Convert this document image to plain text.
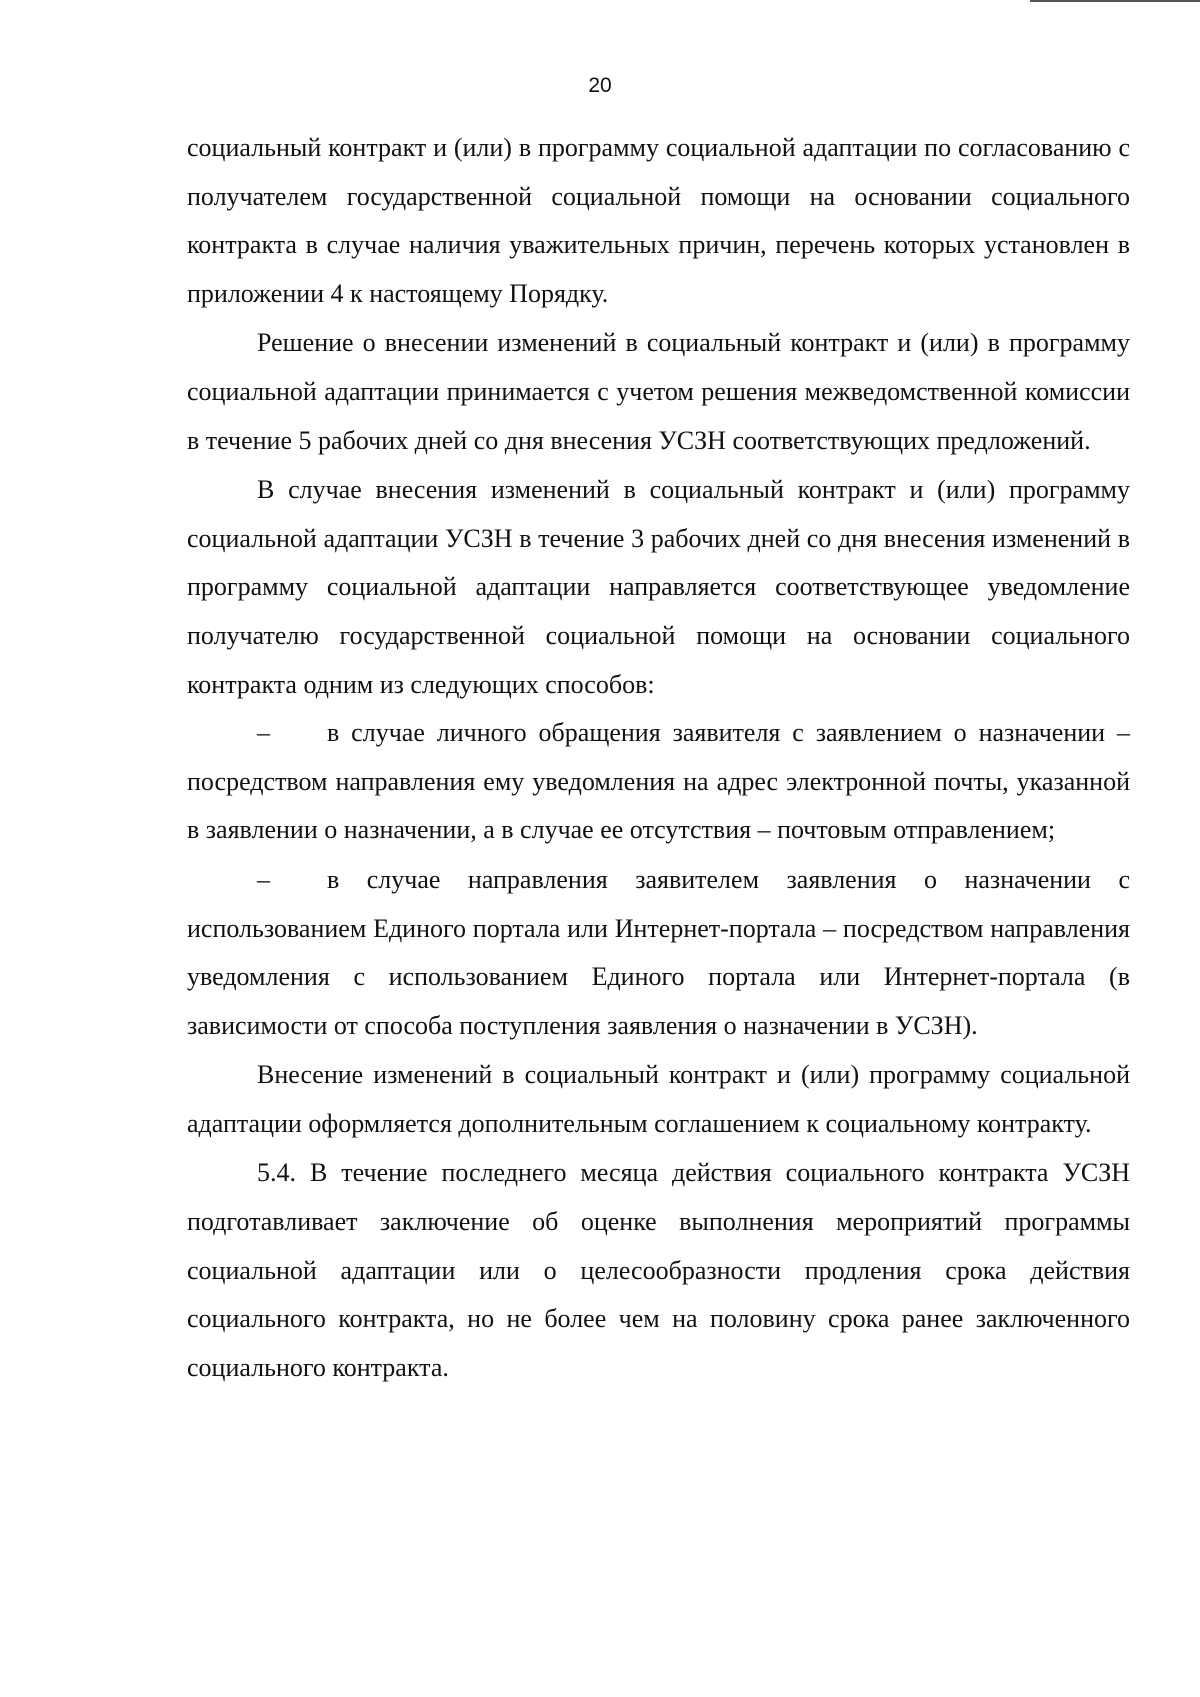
20

социальный контракт и (или) в программу социальной адаптации по согласованию с получателем государственной социальной помощи на основании социального контракта в случае наличия уважительных причин, перечень которых установлен в приложении 4 к настоящему Порядку.

Решение о внесении изменений в социальный контракт и (или) в программу социальной адаптации принимается с учетом решения межведомственной комиссии в течение 5 рабочих дней со дня внесения УСЗН соответствующих предложений.

В случае внесения изменений в социальный контракт и (или) программу социальной адаптации УСЗН в течение 3 рабочих дней со дня внесения изменений в программу социальной адаптации направляется соответствующее уведомление получателю государственной социальной помощи на основании социального контракта одним из следующих способов:

– в случае личного обращения заявителя с заявлением о назначении – посредством направления ему уведомления на адрес электронной почты, указанной в заявлении о назначении, а в случае ее отсутствия – почтовым отправлением;

– в случае направления заявителем заявления о назначении с использованием Единого портала или Интернет-портала – посредством направления уведомления с использованием Единого портала или Интернет-портала (в зависимости от способа поступления заявления о назначении в УСЗН).

Внесение изменений в социальный контракт и (или) программу социальной адаптации оформляется дополнительным соглашением к социальному контракту.

5.4. В течение последнего месяца действия социального контракта УСЗН подготавливает заключение об оценке выполнения мероприятий программы социальной адаптации или о целесообразности продления срока действия социального контракта, но не более чем на половину срока ранее заключенного социального контракта.
